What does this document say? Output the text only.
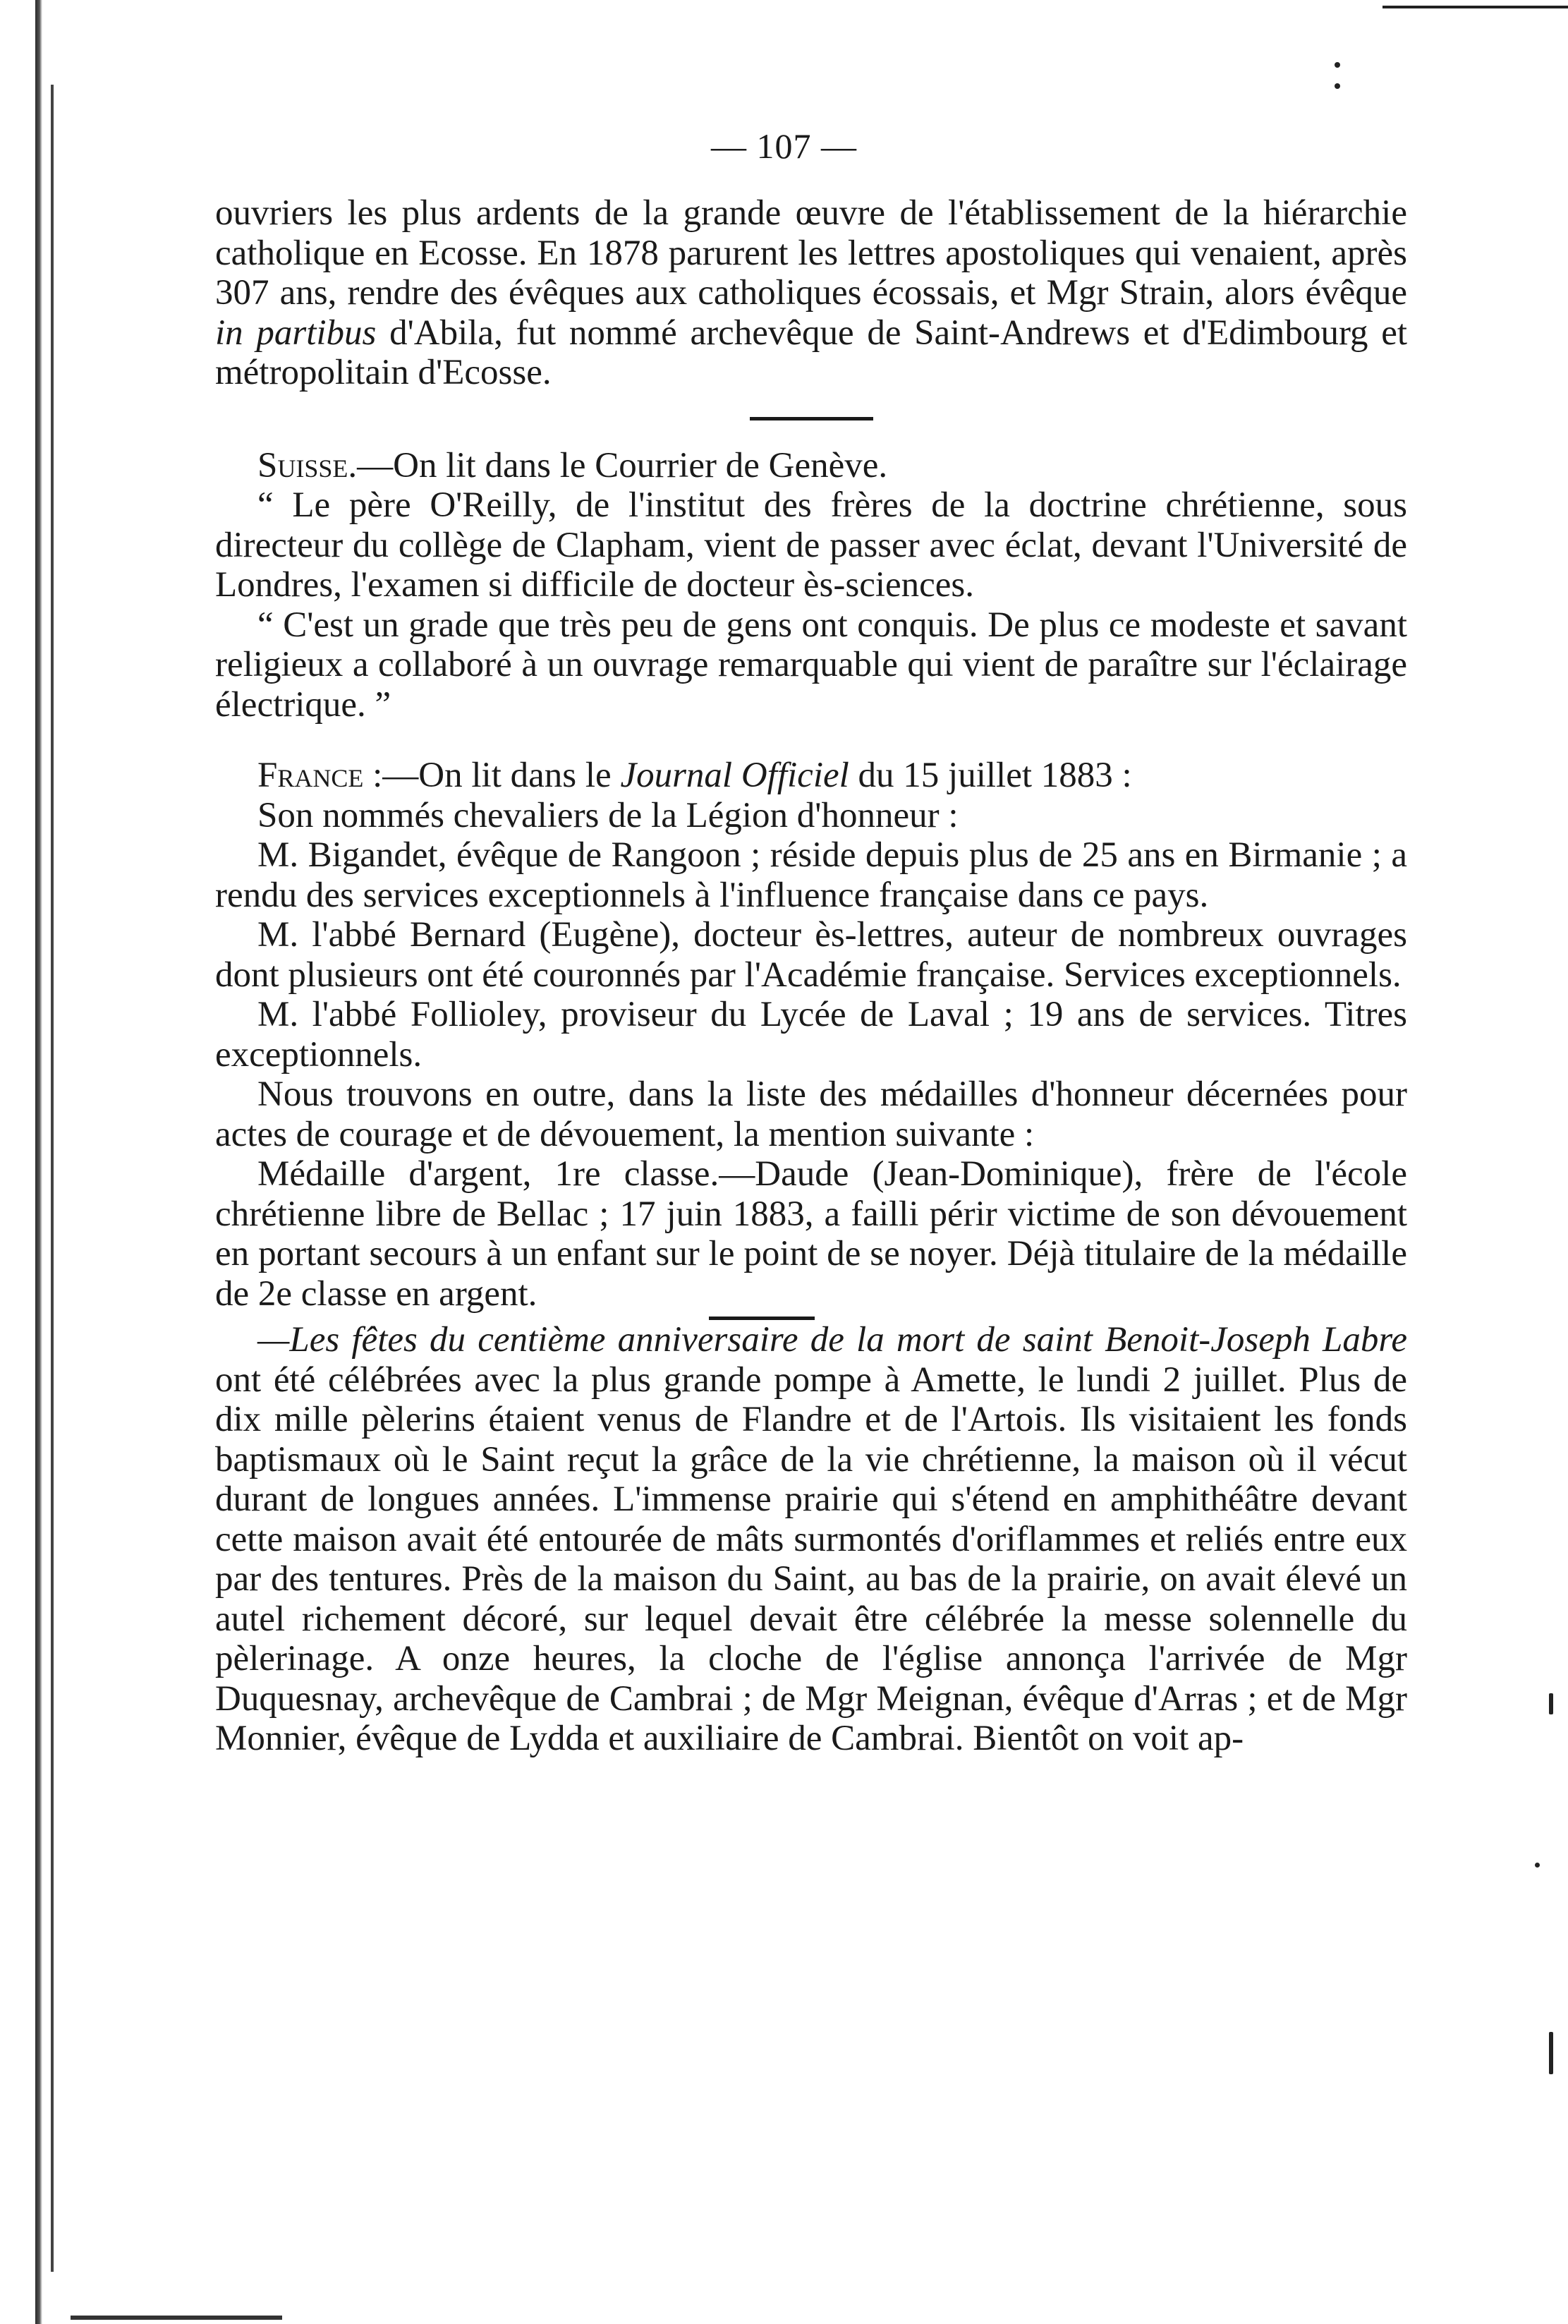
— 107 —

ouvriers les plus ardents de la grande œuvre de l'établissement de la hiérarchie catholique en Ecosse. En 1878 parurent les lettres apostoliques qui venaient, après 307 ans, rendre des évêques aux catholiques écossais, et Mgr Strain, alors évêque in partibus d'Abila, fut nommé archevêque de Saint-Andrews et d'Edimbourg et métropolitain d'Ecosse.

Suisse.—On lit dans le Courrier de Genève.

“ Le père O'Reilly, de l'institut des frères de la doctrine chrétienne, sous directeur du collège de Clapham, vient de passer avec éclat, devant l'Université de Londres, l'examen si difficile de docteur ès-sciences.

“ C'est un grade que très peu de gens ont conquis. De plus ce modeste et savant religieux a collaboré à un ouvrage remarquable qui vient de paraître sur l'éclairage électrique. ”

France :—On lit dans le Journal Officiel du 15 juillet 1883 :

Son nommés chevaliers de la Légion d'honneur :

M. Bigandet, évêque de Rangoon ; réside depuis plus de 25 ans en Birmanie ; a rendu des services exceptionnels à l'influence française dans ce pays.

M. l'abbé Bernard (Eugène), docteur ès-lettres, auteur de nombreux ouvrages dont plusieurs ont été couronnés par l'Académie française. Services exceptionnels.

M. l'abbé Follioley, proviseur du Lycée de Laval ; 19 ans de services. Titres exceptionnels.

Nous trouvons en outre, dans la liste des médailles d'honneur décernées pour actes de courage et de dévouement, la mention suivante :

Médaille d'argent, 1re classe.—Daude (Jean-Dominique), frère de l'école chrétienne libre de Bellac ; 17 juin 1883, a failli périr victime de son dévouement en portant secours à un enfant sur le point de se noyer. Déjà titulaire de la médaille de 2e classe en argent.

—Les fêtes du centième anniversaire de la mort de saint Benoit-Joseph Labre ont été célébrées avec la plus grande pompe à Amette, le lundi 2 juillet. Plus de dix mille pèlerins étaient venus de Flandre et de l'Artois. Ils visitaient les fonds baptismaux où le Saint reçut la grâce de la vie chrétienne, la maison où il vécut durant de longues années. L'immense prairie qui s'étend en amphithéâtre devant cette maison avait été entourée de mâts surmontés d'oriflammes et reliés entre eux par des tentures. Près de la maison du Saint, au bas de la prairie, on avait élevé un autel richement décoré, sur lequel devait être célébrée la messe solennelle du pèlerinage. A onze heures, la cloche de l'église annonça l'arrivée de Mgr Duquesnay, archevêque de Cambrai ; de Mgr Meignan, évêque d'Arras ; et de Mgr Monnier, évêque de Lydda et auxiliaire de Cambrai. Bientôt on voit ap-
